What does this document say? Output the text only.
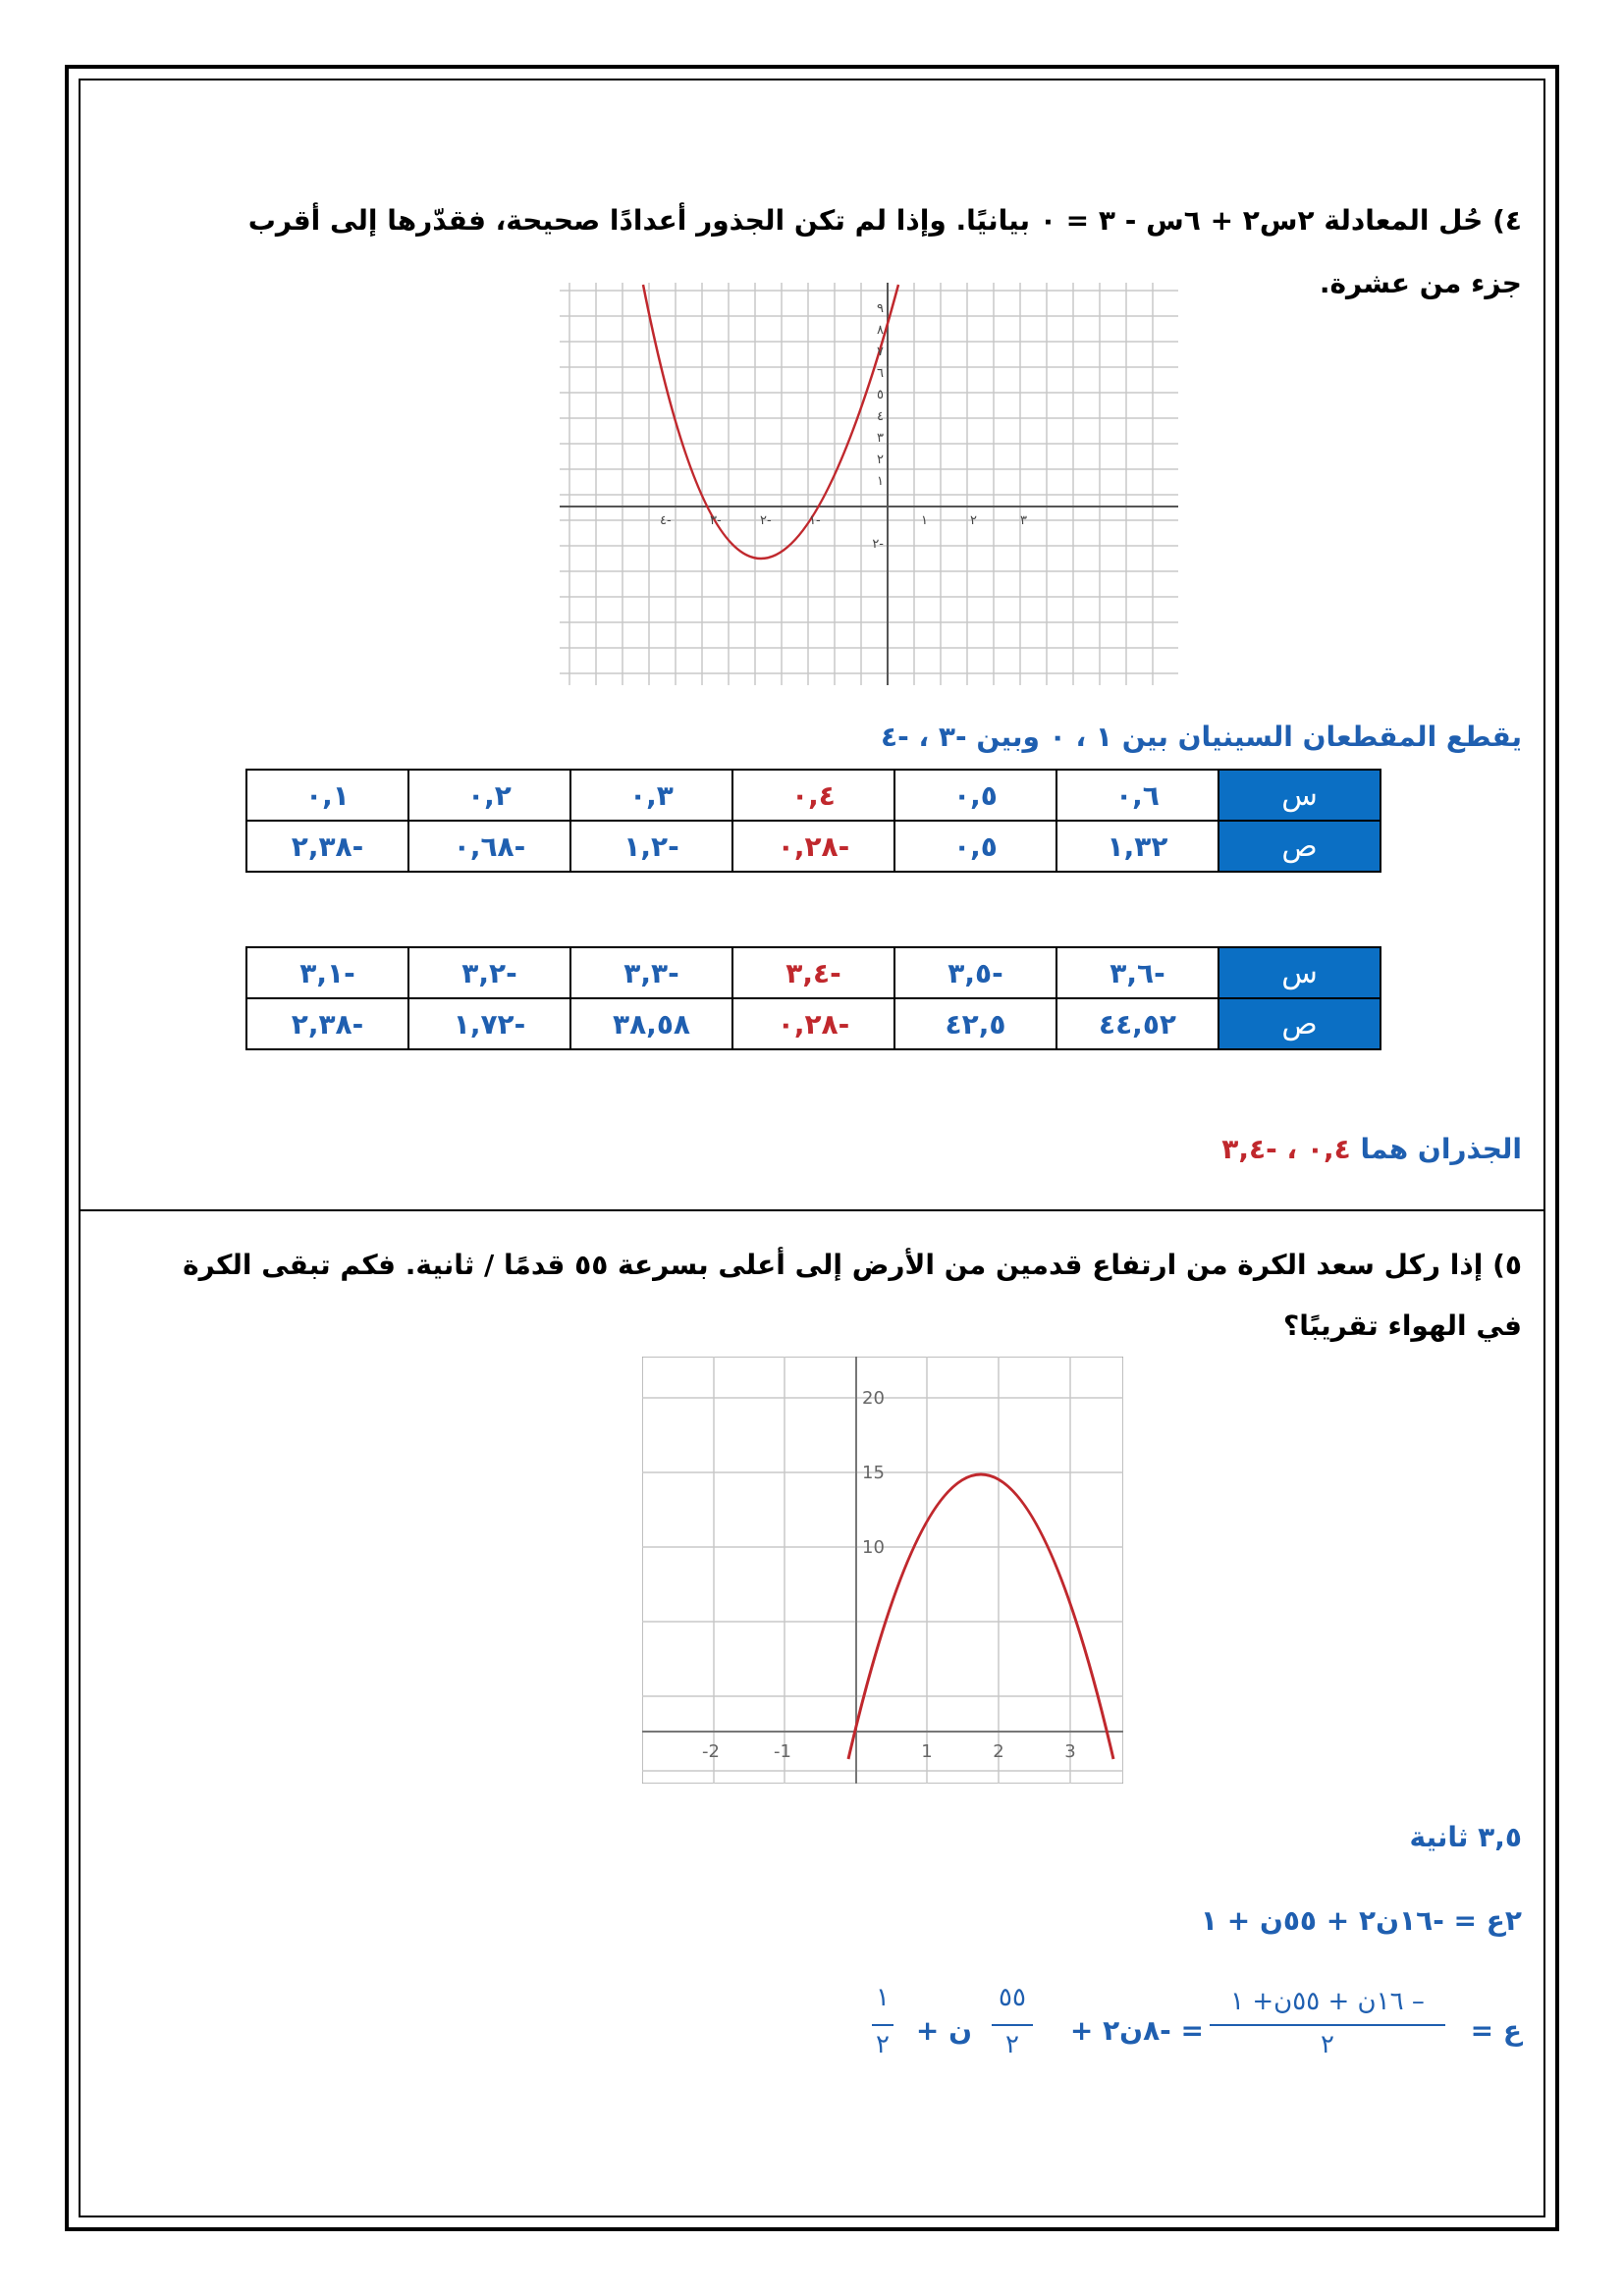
٤) حُل المعادلة ٢س٢ + ٦س - ٣ = ٠ بيانيًا. وإذا لم تكن الجذور أعدادًا صحيحة، فقدّرها إلى أقرب
جزء من عشرة.
٤-	٣-	٢-	١-	١	٢	٣
٩
٨
٧
٦
٥
٤
٣
٢
١
٢-
يقطع المقطعان السينيان بين ١ ، ٠ وبين -٣ ، -٤
س	٠,٦	٠,٥	٠,٤	٠,٣	٠,٢	٠,١
ص	١,٣٢	٠,٥	-٠,٢٨	-١,٢	-٠,٦٨	-٢,٣٨
س	-٣,٦	-٣,٥	-٣,٤	-٣,٣	-٣,٢	-٣,١
ص	٤٤,٥٢	٤٢,٥	-٠,٢٨	٣٨,٥٨	-١,٧٢	-٢,٣٨
الجذران هما ٠,٤ ، -٣,٤
٥) إذا ركل سعد الكرة من ارتفاع قدمين من الأرض إلى أعلى بسرعة ٥٥ قدمًا / ثانية. فكم تبقى الكرة
في الهواء تقريبًا؟
-2	-1	1	2	3
20
15
10
٣,٥ ثانية
٢ع = -١٦ن٢ + ٥٥ن + ١
ع =
– ١٦ن + ٥٥ن+ ١
٢
= -٨ن٢ +
٥٥
٢
ن +
١
٢
